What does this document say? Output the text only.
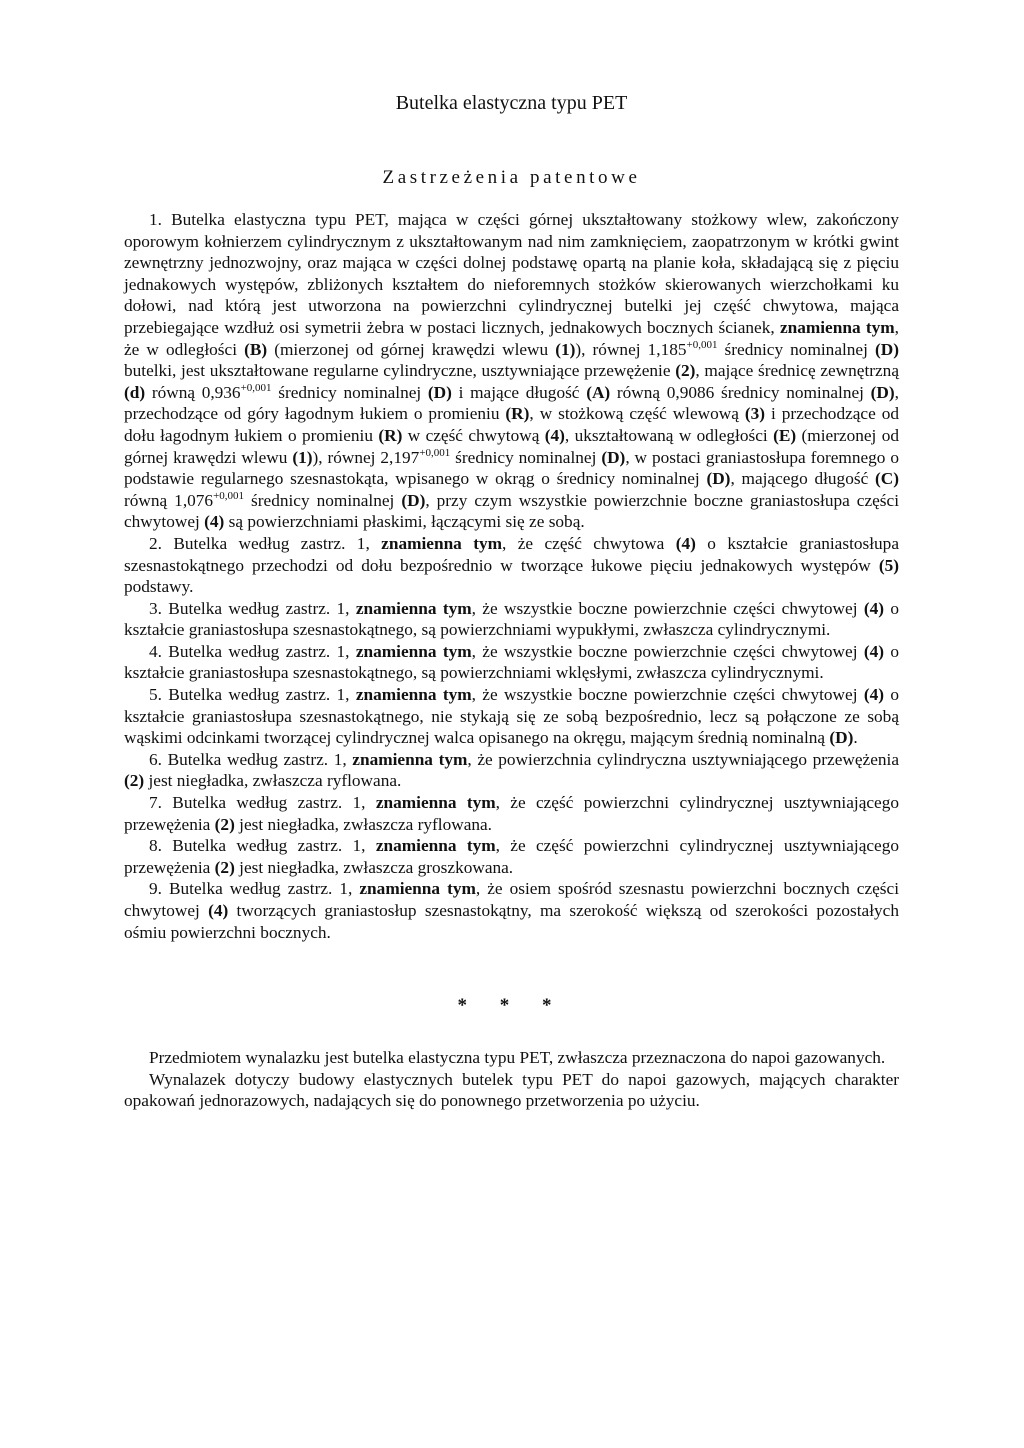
Butelka elastyczna typu PET
Zastrzeżenia patentowe

1. Butelka elastyczna typu PET, mająca w części górnej ukształtowany stożkowy wlew, zakończony oporowym kołnierzem cylindrycznym z ukształtowanym nad nim zamknięciem, zaopatrzonym w krótki gwint zewnętrzny jednozwojny, oraz mająca w części dolnej podstawę opartą na planie koła, składającą się z pięciu jednakowych występów, zbliżonych kształtem do nieforemnych stożków skierowanych wierzchołkami ku dołowi, nad którą jest utworzona na powierzchni cylindrycznej butelki jej część chwytowa, mająca przebiegające wzdłuż osi symetrii żebra w postaci licznych, jednakowych bocznych ścianek, znamienna tym, że w odległości (B) (mierzonej od górnej krawędzi wlewu (1)), równej $1,185^{+0,001}$ średnicy nominalnej (D) butelki, jest ukształtowane regularne cylindryczne, usztywniające przewężenie (2), mające średnicę zewnętrzną (d) równą $0,936^{+0,001}$ średnicy nominalnej (D) i mające długość (A) równą 0,9086 średnicy nominalnej (D), przechodzące od góry łagodnym łukiem o promieniu (R), w stożkową część wlewową (3) i przechodzące od dołu łagodnym łukiem o promieniu (R) w część chwytową (4), ukształtowaną w odległości (E) (mierzonej od górnej krawędzi wlewu (1)), równej $2,197^{+0,001}$ średnicy nominalnej (D), w postaci graniastosłupa foremnego o podstawie regularnego szesnastokąta, wpisanego w okrąg o średnicy nominalnej (D), mającego długość (C) równą $1,076^{+0,001}$ średnicy nominalnej (D), przy czym wszystkie powierzchnie boczne graniastosłupa części chwytowej (4) są powierzchniami płaskimi, łączącymi się ze sobą.

2. Butelka według zastrz. 1, znamienna tym, że część chwytowa (4) o kształcie graniastosłupa szesnastokątnego przechodzi od dołu bezpośrednio w tworzące łukowe pięciu jednakowych występów (5) podstawy.

3. Butelka według zastrz. 1, znamienna tym, że wszystkie boczne powierzchnie części chwytowej (4) o kształcie graniastosłupa szesnastokątnego, są powierzchniami wypukłymi, zwłaszcza cylindrycznymi.

4. Butelka według zastrz. 1, znamienna tym, że wszystkie boczne powierzchnie części chwytowej (4) o kształcie graniastosłupa szesnastokątnego, są powierzchniami wklęsłymi, zwłaszcza cylindrycznymi.

5. Butelka według zastrz. 1, znamienna tym, że wszystkie boczne powierzchnie części chwytowej (4) o kształcie graniastosłupa szesnastokątnego, nie stykają się ze sobą bezpośrednio, lecz są połączone ze sobą wąskimi odcinkami tworzącej cylindrycznej walca opisanego na okręgu, mającym średnią nominalną (D).

6. Butelka według zastrz. 1, znamienna tym, że powierzchnia cylindryczna usztywniającego przewężenia (2) jest niegładka, zwłaszcza ryflowana.

7. Butelka według zastrz. 1, znamienna tym, że część powierzchni cylindrycznej usztywniającego przewężenia (2) jest niegładka, zwłaszcza ryflowana.

8. Butelka według zastrz. 1, znamienna tym, że część powierzchni cylindrycznej usztywniającego przewężenia (2) jest niegładka, zwłaszcza groszkowana.

9. Butelka według zastrz. 1, znamienna tym, że osiem spośród szesnastu powierzchni bocznych części chwytowej (4) tworzących graniastosłup szesnastokątny, ma szerokość większą od szerokości pozostałych ośmiu powierzchni bocznych.

* * *

Przedmiotem wynalazku jest butelka elastyczna typu PET, zwłaszcza przeznaczona do napoi gazowanych.

Wynalazek dotyczy budowy elastycznych butelek typu PET do napoi gazowych, mających charakter opakowań jednorazowych, nadających się do ponownego przetworzenia po użyciu.
